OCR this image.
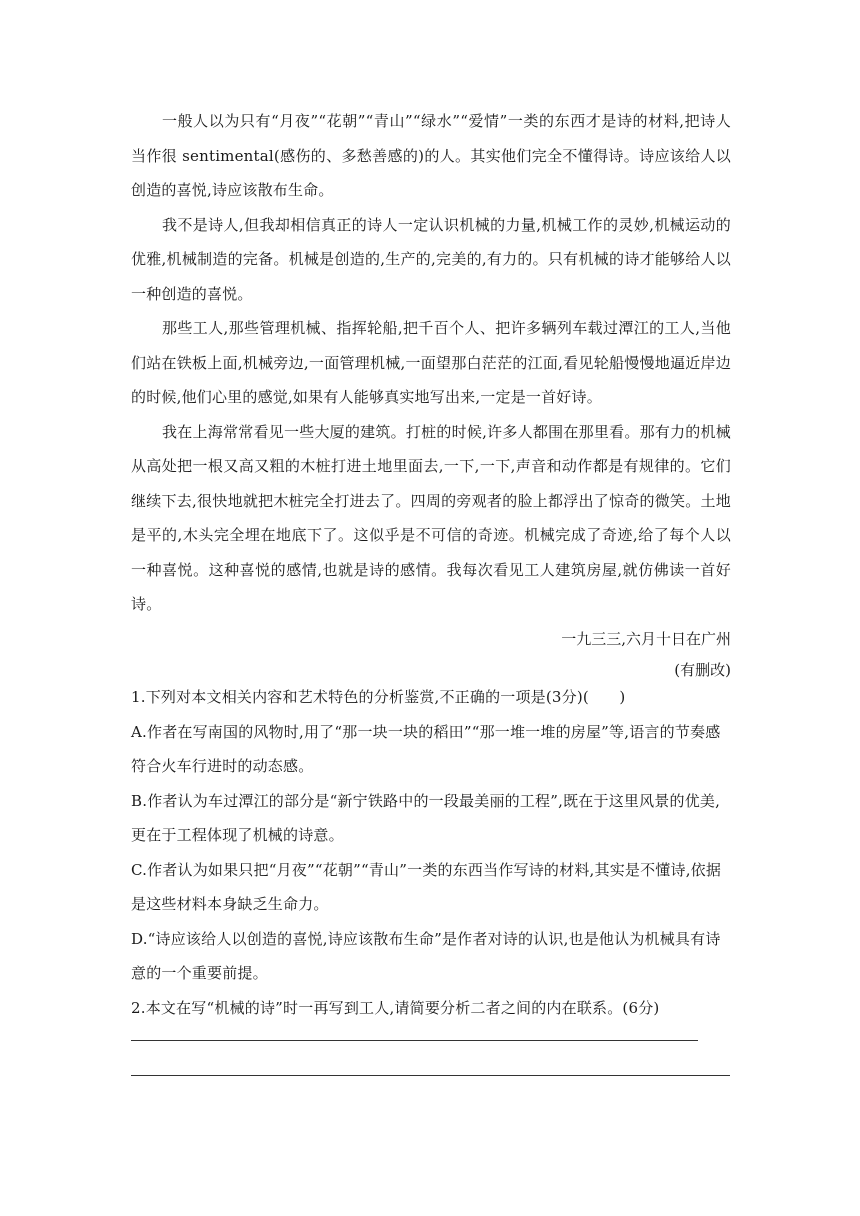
一般人以为只有“月夜”“花朝”“青山”“绿水”“爱情”一类的东西才是诗的材料,把诗人当作很 sentimental(感伤的、多愁善感的)的人。其实他们完全不懂得诗。诗应该给人以创造的喜悦,诗应该散布生命。

我不是诗人,但我却相信真正的诗人一定认识机械的力量,机械工作的灵妙,机械运动的优雅,机械制造的完备。机械是创造的,生产的,完美的,有力的。只有机械的诗才能够给人以一种创造的喜悦。

那些工人,那些管理机械、指挥轮船,把千百个人、把许多辆列车载过潭江的工人,当他们站在铁板上面,机械旁边,一面管理机械,一面望那白茫茫的江面,看见轮船慢慢地逼近岸边的时候,他们心里的感觉,如果有人能够真实地写出来,一定是一首好诗。

我在上海常常看见一些大厦的建筑。打桩的时候,许多人都围在那里看。那有力的机械从高处把一根又高又粗的木桩打进土地里面去,一下,一下,声音和动作都是有规律的。它们继续下去,很快地就把木桩完全打进去了。四周的旁观者的脸上都浮出了惊奇的微笑。土地是平的,木头完全埋在地底下了。这似乎是不可信的奇迹。机械完成了奇迹,给了每个人以一种喜悦。这种喜悦的感情,也就是诗的感情。我每次看见工人建筑房屋,就仿佛读一首好诗。

一九三三,六月十日在广州

(有删改)

1.下列对本文相关内容和艺术特色的分析鉴赏,不正确的一项是(3分)(　　)

A.作者在写南国的风物时,用了“那一块一块的稻田”“那一堆一堆的房屋”等,语言的节奏感符合火车行进时的动态感。

B.作者认为车过潭江的部分是“新宁铁路中的一段最美丽的工程”,既在于这里风景的优美,更在于工程体现了机械的诗意。

C.作者认为如果只把“月夜”“花朝”“青山”一类的东西当作写诗的材料,其实是不懂诗,依据是这些材料本身缺乏生命力。

D.“诗应该给人以创造的喜悦,诗应该散布生命”是作者对诗的认识,也是他认为机械具有诗意的一个重要前提。

2.本文在写“机械的诗”时一再写到工人,请简要分析二者之间的内在联系。(6分)
